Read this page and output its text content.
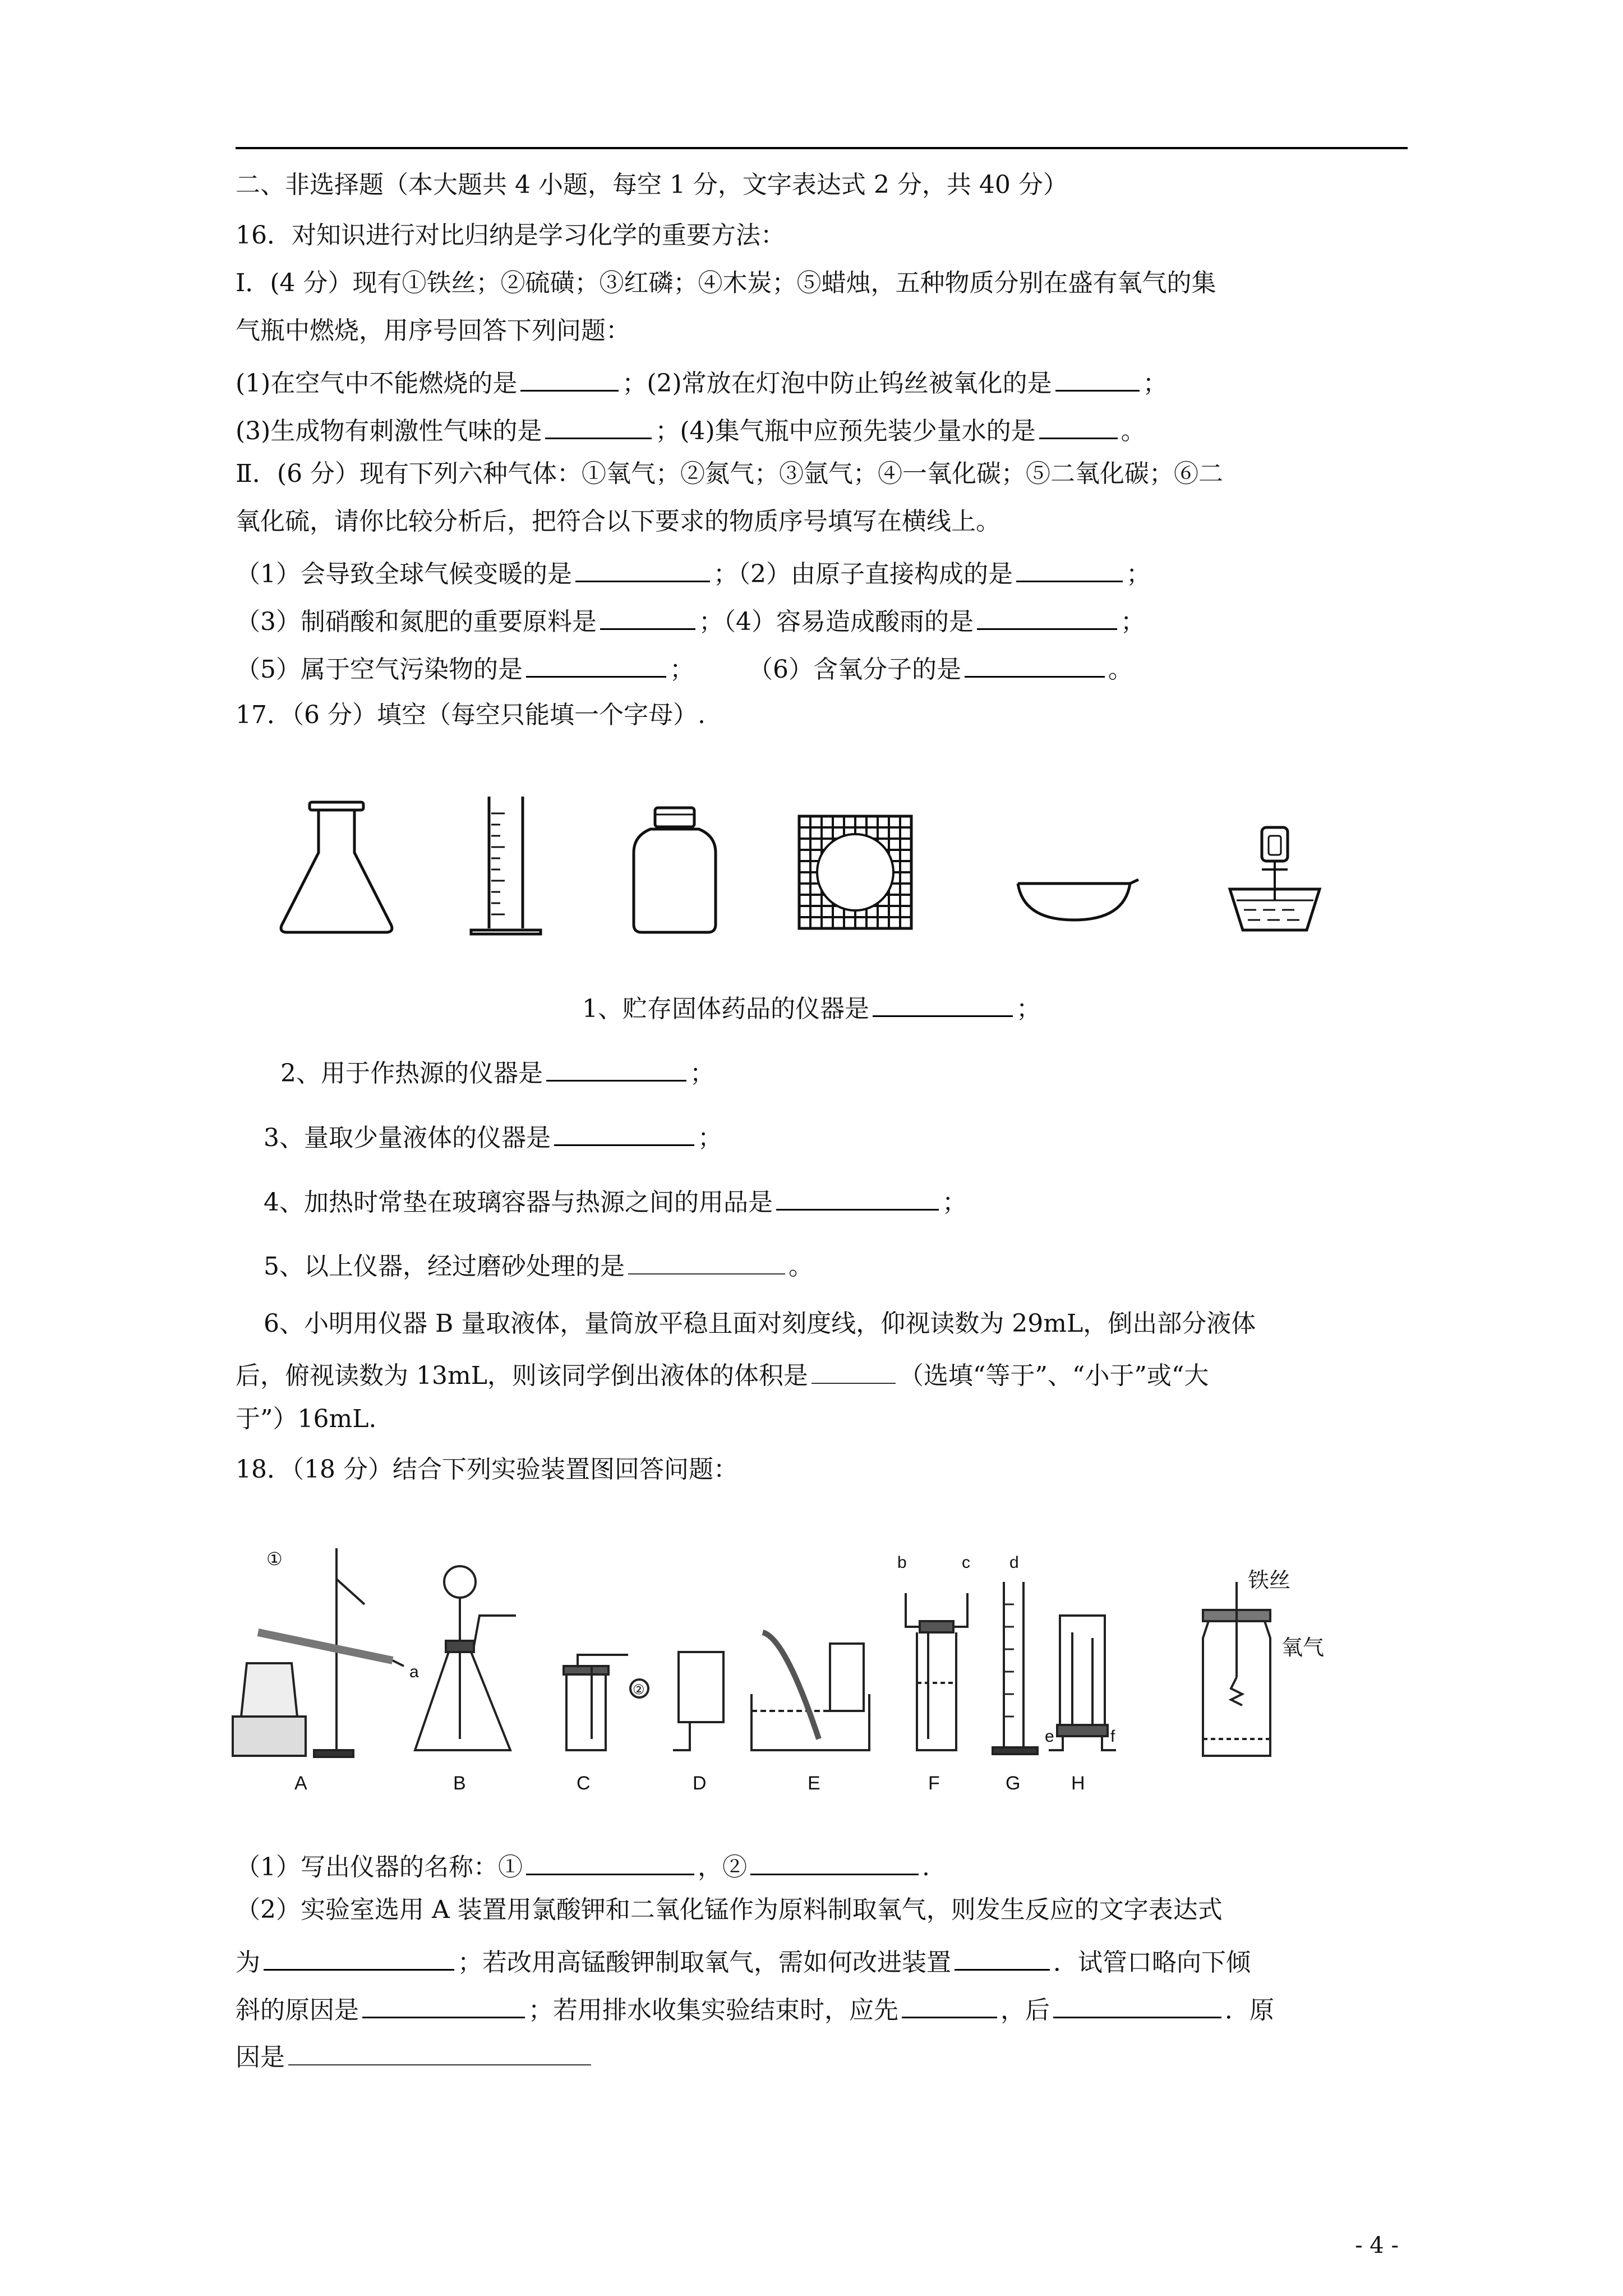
二、非选择题（本大题共 4 小题，每空 1 分，文字表达式 2 分，共 40 分）
16．对知识进行对比归纳是学习化学的重要方法：
Ⅰ．(4 分）现有①铁丝；②硫磺；③红磷；④木炭；⑤蜡烛，五种物质分别在盛有氧气的集
气瓶中燃烧，用序号回答下列问题：
(1)在空气中不能燃烧的是	；(2)常放在灯泡中防止钨丝被氧化的是	；
(3)生成物有刺激性气味的是	；(4)集气瓶中应预先装少量水的是	。
Ⅱ．(6 分）现有下列六种气体：①氧气；②氮气；③氩气；④一氧化碳；⑤二氧化碳；⑥二
氧化硫，请你比较分析后，把符合以下要求的物质序号填写在横线上。
（1）会导致全球气候变暖的是	；（2）由原子直接构成的是	；
（3）制硝酸和氮肥的重要原料是	；（4）容易造成酸雨的是	；
（5）属于空气污染物的是	； （6）含氧分子的是	。
17．（6 分）填空（每空只能填一个字母）.
1、贮存固体药品的仪器是	；
2、用于作热源的仪器是	；
3、量取少量液体的仪器是	；
4、加热时常垫在玻璃容器与热源之间的用品是	；
5、以上仪器，经过磨砂处理的是	。
6、小明用仪器 B 量取液体，量筒放平稳且面对刻度线，仰视读数为 29mL，倒出部分液体
后，俯视读数为 13mL，则该同学倒出液体的体积是	（选填“等于”、“小于”或“大
于”）16mL.
18．（18 分）结合下列实验装置图回答问题：
①
a
A	B
②
C	D	E
b	c
F
d
G
e	f
H
铁丝
氧气
（1）写出仪器的名称：①	，②	.
（2）实验室选用 A 装置用氯酸钾和二氧化锰作为原料制取氧气，则发生反应的文字表达式
为	；若改用高锰酸钾制取氧气，需如何改进装置	．试管口略向下倾
斜的原因是	；若用排水收集实验结束时，应先	，后	．原
因是
- 4 -
